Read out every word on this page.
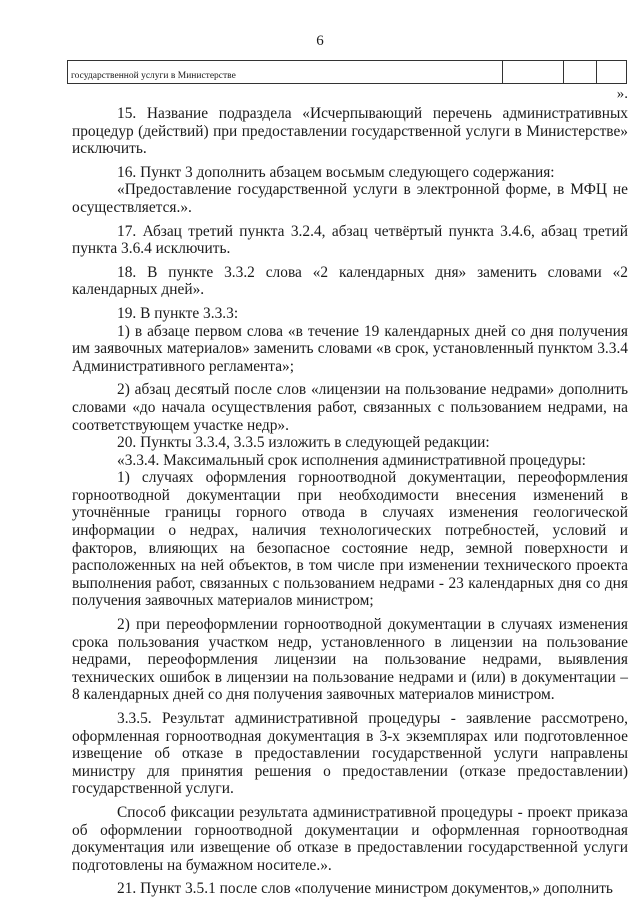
6
государственной услуги в Министерстве
».

15. Название подраздела «Исчерпывающий перечень административных процедур (действий) при предоставлении государственной услуги в Министерстве» исключить.

16. Пункт 3 дополнить абзацем восьмым следующего содержания:

«Предоставление государственной услуги в электронной форме, в МФЦ не осуществляется.».

17. Абзац третий пункта 3.2.4, абзац четвёртый пункта 3.4.6, абзац третий пункта 3.6.4 исключить.

18. В пункте 3.3.2 слова «2 календарных дня» заменить словами «2 календарных дней».

19. В пункте 3.3.3:

1) в абзаце первом слова «в течение 19 календарных дней со дня получения им заявочных материалов» заменить словами «в срок, установленный пунктом 3.3.4 Административного регламента»;

2) абзац десятый после слов «лицензии на пользование недрами» дополнить словами «до начала осуществления работ, связанных с пользованием недрами, на соответствующем участке недр».

20. Пункты 3.3.4, 3.3.5 изложить в следующей редакции:

«3.3.4. Максимальный срок исполнения административной процедуры:

1) случаях оформления горноотводной документации, переоформления горноотводной документации при необходимости внесения изменений в уточнённые границы горного отвода в случаях изменения геологической информации о недрах, наличия технологических потребностей, условий и факторов, влияющих на безопасное состояние недр, земной поверхности и расположенных на ней объектов, в том числе при изменении технического проекта выполнения работ, связанных с пользованием недрами - 23 календарных дня со дня получения заявочных материалов министром;

2) при переоформлении горноотводной документации в случаях изменения срока пользования участком недр, установленного в лицензии на пользование недрами, переоформления лицензии на пользование недрами, выявления технических ошибок в лицензии на пользование недрами и (или) в документации – 8 календарных дней со дня получения заявочных материалов министром.

3.3.5. Результат административной процедуры - заявление рассмотрено, оформленная горноотводная документация в 3-х экземплярах или подготовленное извещение об отказе в предоставлении государственной услуги направлены министру для принятия решения о предоставлении (отказе предоставлении) государственной услуги.

Способ фиксации результата административной процедуры - проект приказа об оформлении горноотводной документации и оформленная горноотводная документация или извещение об отказе в предоставлении государственной услуги подготовлены на бумажном носителе.».

21. Пункт 3.5.1 после слов «получение министром документов,» дополнить
